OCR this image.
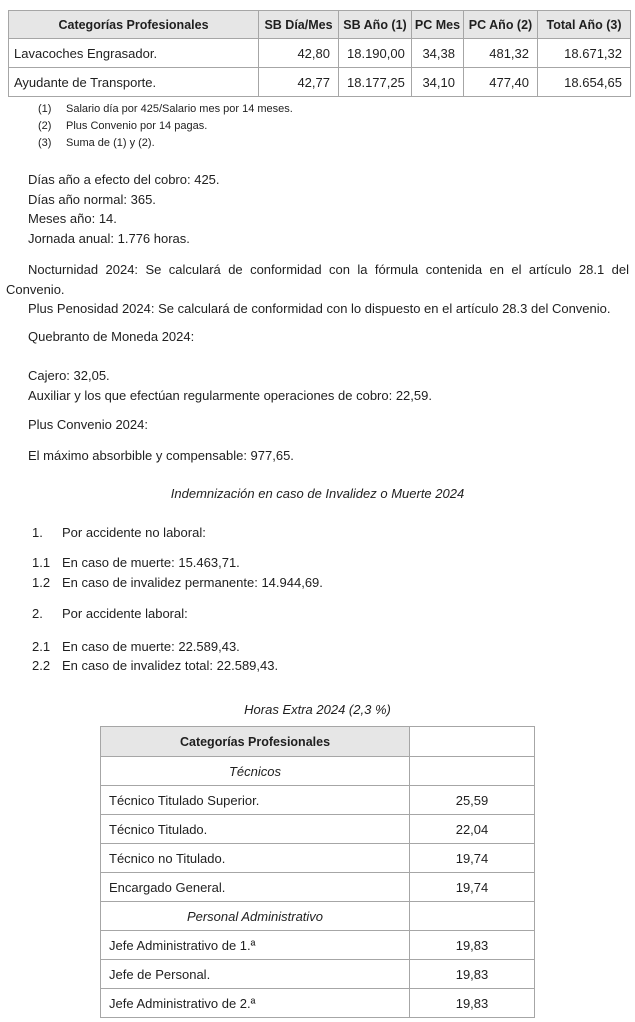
Categorías Profesionales	SB Día/Mes	SB Año (1)	PC Mes	PC Año (2)	Total Año (3)
Lavacoches Engrasador.	42,80	18.190,00	34,38	481,32	18.671,32
Ayudante de Transporte.	42,77	18.177,25	34,10	477,40	18.654,65
(1)	Salario día por 425/Salario mes por 14 meses.
(2)	Plus Convenio por 14 pagas.
(3)	Suma de (1) y (2).
Días año a efecto del cobro: 425.
Días año normal: 365.
Meses año: 14.
Jornada anual: 1.776 horas.

Nocturnidad 2024: Se calculará de conformidad con la fórmula contenida en el artículo 28.1 del Convenio.

Plus Penosidad 2024: Se calculará de conformidad con lo dispuesto en el artículo 28.3 del Convenio.

Quebranto de Moneda 2024:
Cajero: 32,05.
Auxiliar y los que efectúan regularmente operaciones de cobro: 22,59.
Plus Convenio 2024:
El máximo absorbible y compensable: 977,65.
Indemnización en caso de Invalidez o Muerte 2024
1.	Por accidente no laboral:
1.1 En caso de muerte: 15.463,71.
1.2 En caso de invalidez permanente: 14.944,69.
2.	Por accidente laboral:
2.1 En caso de muerte: 22.589,43.
2.2 En caso de invalidez total: 22.589,43.
Horas Extra 2024 (2,3 %)
Categorías Profesionales	
Técnicos	
Técnico Titulado Superior.	25,59
Técnico Titulado.	22,04
Técnico no Titulado.	19,74
Encargado General.	19,74
Personal Administrativo	
Jefe Administrativo de 1.ª	19,83
Jefe de Personal.	19,83
Jefe Administrativo de 2.ª	19,83
